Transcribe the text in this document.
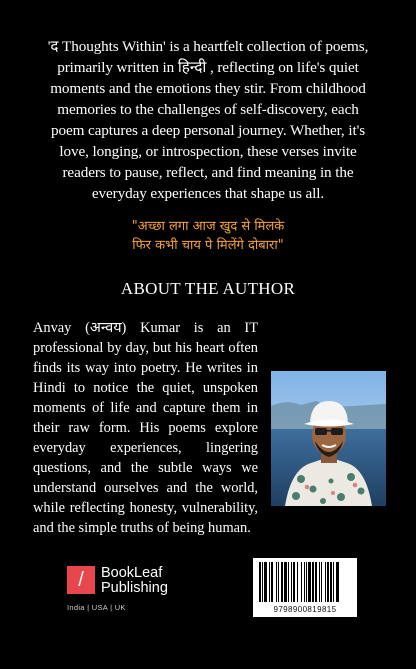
'द Thoughts Within' is a heartfelt collection of poems, primarily written in हिन्दी , reflecting on life's quiet moments and the emotions they stir. From childhood memories to the challenges of self-discovery, each poem captures a deep personal journey. Whether, it's love, longing, or introspection, these verses invite readers to pause, reflect, and find meaning in the everyday experiences that shape us all.
"अच्छा लगा आज खुद से मिलके
फिर कभी चाय पे मिलेंगे दोबारा"
ABOUT THE AUTHOR
Anvay (अन्वय) Kumar is an IT professional by day, but his heart often finds its way into poetry. He writes in Hindi to notice the quiet, unspoken moments of life and capture them in their raw form. His poems explore everyday experiences, lingering questions, and the subtle ways we understand ourselves and the world, while reflecting honesty, vulnerability, and the simple truths of being human.
/	BookLeaf
Publishing
India | USA | UK	9798900819815
